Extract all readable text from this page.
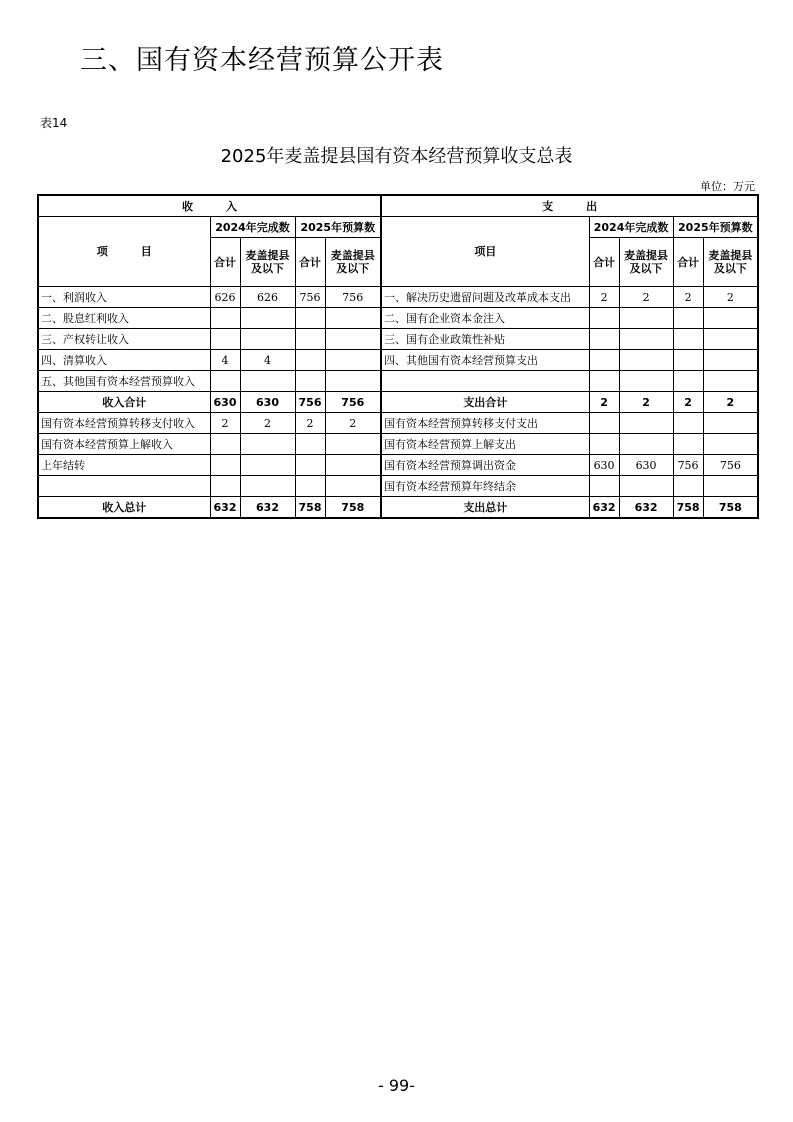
三、国有资本经营预算公开表
表14
2025年麦盖提县国有资本经营预算收支总表
单位：万元
收　　　入					支　　　出				
项　　　目	2024年完成数		2025年预算数		项目	2024年完成数		2025年预算数	
	合计	麦盖提县及以下	合计	麦盖提县及以下		合计	麦盖提县及以下	合计	麦盖提县及以下
一、利润收入	626	626	756	756	一、解决历史遗留问题及改革成本支出	2	2	2	2
二、股息红利收入					二、国有企业资本金注入				
三、产权转让收入					三、国有企业政策性补贴				
四、清算收入	4	4			四、其他国有资本经营预算支出				
五、其他国有资本经营预算收入									
收入合计	630	630	756	756	支出合计	2	2	2	2
国有资本经营预算转移支付收入	2	2	2	2	国有资本经营预算转移支付支出				
国有资本经营预算上解收入					国有资本经营预算上解支出				
上年结转					国有资本经营预算调出资金	630	630	756	756
					国有资本经营预算年终结余				
收入总计	632	632	758	758	支出总计	632	632	758	758
- 99-
